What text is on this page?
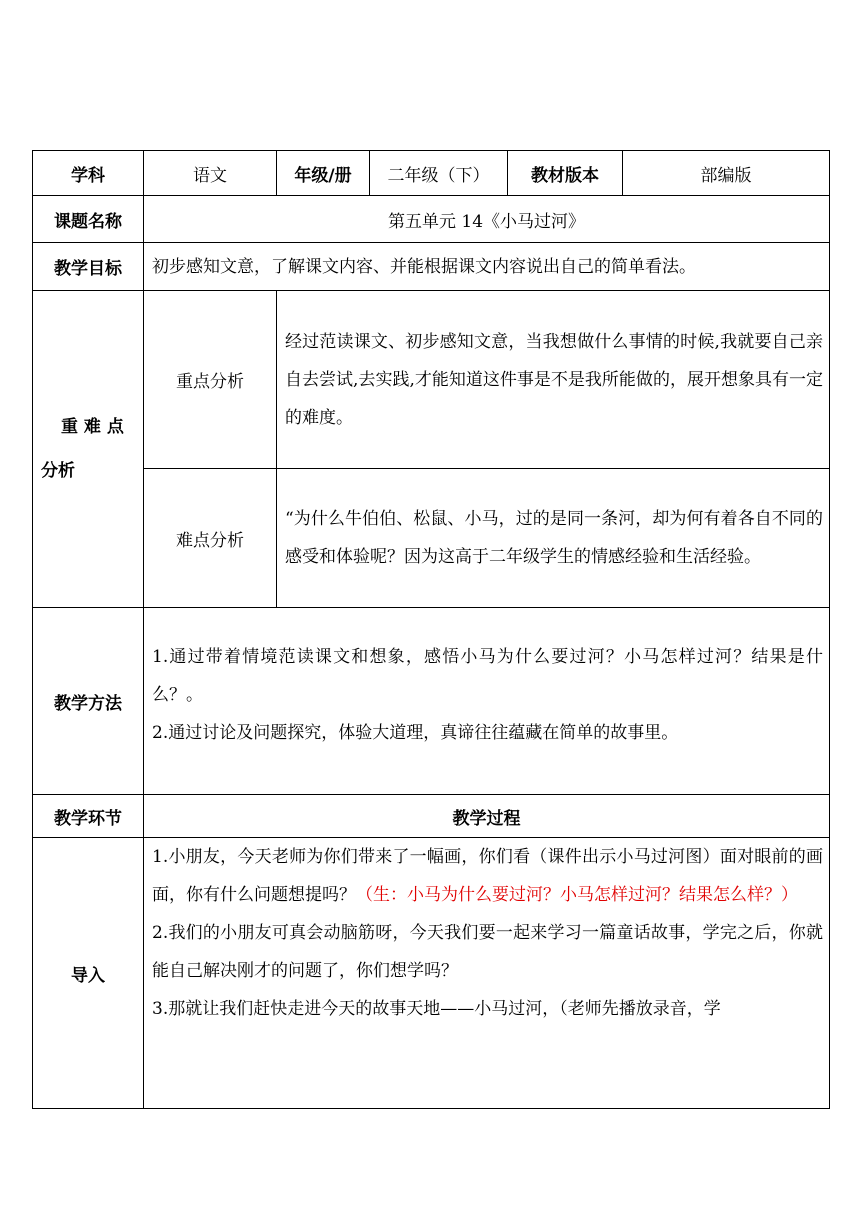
学科	语文	年级/册	二年级（下）	教材版本	部编版
课题名称	第五单元 14《小马过河》				
教学目标	初步感知文意，了解课文内容、并能根据课文内容说出自己的简单看法。				

重 难 点
分析	重点分析	经过范读课文、初步感知文意，当我想做什么事情的时候,我就要自己亲自去尝试,去实践,才能知道这件事是不是我所能做的，展开想象具有一定的难度。			
	难点分析	“为什么牛伯伯、松鼠、小马，过的是同一条河，却为何有着各自不同的感受和体验呢？因为这高于二年级学生的情感经验和生活经验。			
教学方法	1.通过带着情境范读课文和想象，感悟小马为什么要过河？小马怎样过河？结果是什么？。

2.通过讨论及问题探究，体验大道理，真谛往往蕴藏在简单的故事里。				

教学环节	教学过程				
导入	1.小朋友，今天老师为你们带来了一幅画，你们看（课件出示小马过河图）面对眼前的画面，你有什么问题想提吗？（生：小马为什么要过河？小马怎样过河？结果怎么样？）

2.我们的小朋友可真会动脑筋呀，今天我们要一起来学习一篇童话故事，学完之后，你就能自己解决刚才的问题了，你们想学吗？

3.那就让我们赶快走进今天的故事天地——小马过河，（老师先播放录音，学				
